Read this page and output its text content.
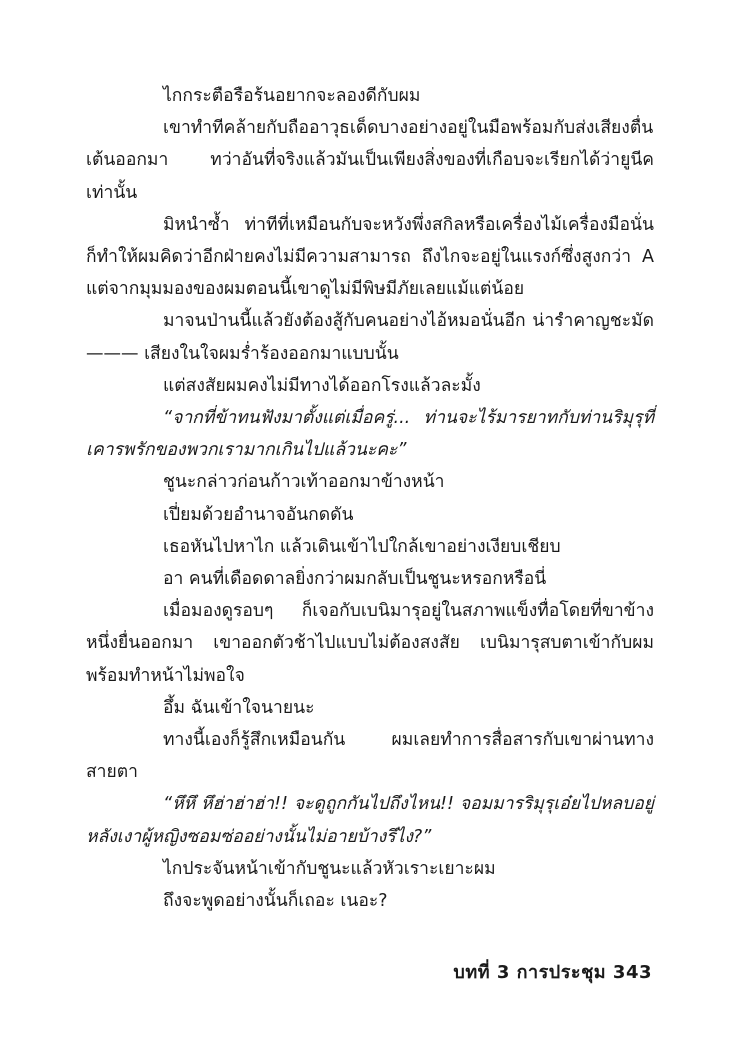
ไกกระตือรือร้นอยากจะลองดีกับผม

เขาทำทีคล้ายกับถืออาวุธเด็ดบางอย่างอยู่ในมือพร้อมกับส่งเสียงตื่นเต้นออกมา ทว่าอันที่จริงแล้วมันเป็นเพียงสิ่งของที่เกือบจะเรียกได้ว่ายูนีคเท่านั้น

มิหนำซ้ำ ท่าทีที่เหมือนกับจะหวังพึ่งสกิลหรือเครื่องไม้เครื่องมือนั่นก็ทำให้ผมคิดว่าอีกฝ่ายคงไม่มีความสามารถ ถึงไกจะอยู่ในแรงก์ซึ่งสูงกว่า A แต่จากมุมมองของผมตอนนี้เขาดูไม่มีพิษมีภัยเลยแม้แต่น้อย

มาจนป่านนี้แล้วยังต้องสู้กับคนอย่างไอ้หมอนั่นอีก น่ารำคาญชะมัด——— เสียงในใจผมร่ำร้องออกมาแบบนั้น

แต่สงสัยผมคงไม่มีทางได้ออกโรงแล้วละมั้ง

“จากที่ข้าทนฟังมาตั้งแต่เมื่อครู่... ท่านจะไร้มารยาทกับท่านริมุรุที่เคารพรักของพวกเรามากเกินไปแล้วนะคะ”

ชูนะกล่าวก่อนก้าวเท้าออกมาข้างหน้า

เปี่ยมด้วยอำนาจอันกดดัน

เธอหันไปหาไก แล้วเดินเข้าไปใกล้เขาอย่างเงียบเชียบ

อา คนที่เดือดดาลยิ่งกว่าผมกลับเป็นชูนะหรอกหรือนี่

เมื่อมองดูรอบๆ ก็เจอกับเบนิมารุอยู่ในสภาพแข็งทื่อโดยที่ขาข้างหนึ่งยื่นออกมา เขาออกตัวช้าไปแบบไม่ต้องสงสัย เบนิมารุสบตาเข้ากับผมพร้อมทำหน้าไม่พอใจ

อึ้ม ฉันเข้าใจนายนะ

ทางนี้เองก็รู้สึกเหมือนกัน ผมเลยทำการสื่อสารกับเขาผ่านทางสายตา

“หึหึ หึฮ่าฮ่าฮ่า!! จะดูถูกกันไปถึงไหน!! จอมมารริมุรุเอ๋ยไปหลบอยู่หลังเงาผู้หญิงซอมซ่ออย่างนั้นไม่อายบ้างรึไง?”

ไกประจันหน้าเข้ากับชูนะแล้วหัวเราะเยาะผม

ถึงจะพูดอย่างนั้นก็เถอะ เนอะ?

บทที่ 3 การประชุม 343
